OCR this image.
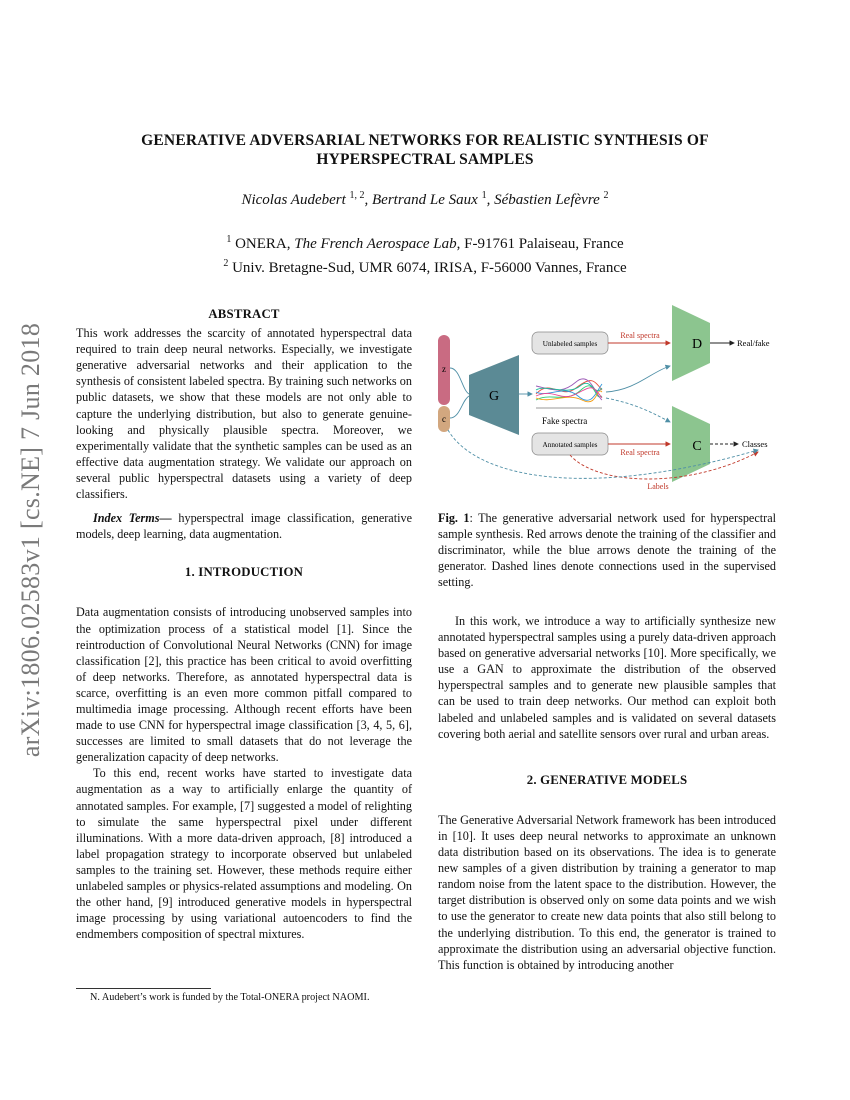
arXiv:1806.02583v1 [cs.NE] 7 Jun 2018
GENERATIVE ADVERSARIAL NETWORKS FOR REALISTIC SYNTHESIS OF
HYPERSPECTRAL SAMPLES
Nicolas Audebert $^{1, 2}$, Bertrand Le Saux $^1$, Sébastien Lefèvre $^2$
$^1$ ONERA, The French Aerospace Lab, F-91761 Palaiseau, France
$^2$ Univ. Bretagne-Sud, UMR 6074, IRISA, F-56000 Vannes, France

ABSTRACT

This work addresses the scarcity of annotated hyperspectral data required to train deep neural networks. Especially, we investigate generative adversarial networks and their application to the synthesis of consistent labeled spectra. By training such networks on public datasets, we show that these models are not only able to capture the underlying distribution, but also to generate genuine-looking and physically plausible spectra. Moreover, we experimentally validate that the synthetic samples can be used as an effective data augmentation strategy. We validate our approach on several public hyperspectral datasets using a variety of deep classifiers.

Index Terms— hyperspectral image classification, generative models, deep learning, data augmentation.

1. INTRODUCTION

Data augmentation consists of introducing unobserved samples into the optimization process of a statistical model [1]. Since the reintroduction of Convolutional Neural Networks (CNN) for image classification [2], this practice has been critical to avoid overfitting of deep networks. Therefore, as annotated hyperspectral data is scarce, overfitting is an even more common pitfall compared to multimedia image processing. Although recent efforts have been made to use CNN for hyperspectral image classification [3, 4, 5, 6], successes are limited to small datasets that do not leverage the generalization capacity of deep networks.

To this end, recent works have started to investigate data augmentation as a way to artificially enlarge the quantity of annotated samples. For example, [7] suggested a model of relighting to simulate the same hyperspectral pixel under different illuminations. With a more data-driven approach, [8] introduced a label propagation strategy to incorporate observed but unlabeled samples to the training set. However, these methods require either unlabeled samples or physics-related assumptions and modeling. On the other hand, [9] introduced generative models in hyperspectral image processing by using variational autoencoders to find the endmembers composition of spectral mixtures.

N. Audebert’s work is funded by the Total-ONERA project NAOMI.
z
c
G
Fake spectra
Unlabeled samples
Annotated samples
D
C
Real spectra
Real spectra
Real/fake
Classes
Labels
Fig. 1: The generative adversarial network used for hyperspectral sample synthesis. Red arrows denote the training of the classifier and discriminator, while the blue arrows denote the training of the generator. Dashed lines denote connections used in the supervised setting.

In this work, we introduce a way to artificially synthesize new annotated hyperspectral samples using a purely data-driven approach based on generative adversarial networks [10]. More specifically, we use a GAN to approximate the distribution of the observed hyperspectral samples and to generate new plausible samples that can be used to train deep networks. Our method can exploit both labeled and unlabeled samples and is validated on several datasets covering both aerial and satellite sensors over rural and urban areas.

2. GENERATIVE MODELS

The Generative Adversarial Network framework has been introduced in [10]. It uses deep neural networks to approximate an unknown data distribution based on its observations. The idea is to generate new samples of a given distribution by training a generator to map random noise from the latent space to the distribution. However, the target distribution is observed only on some data points and we wish to use the generator to create new data points that also still belong to the underlying distribution. To this end, the generator is trained to approximate the distribution using an adversarial objective function. This function is obtained by introducing another
